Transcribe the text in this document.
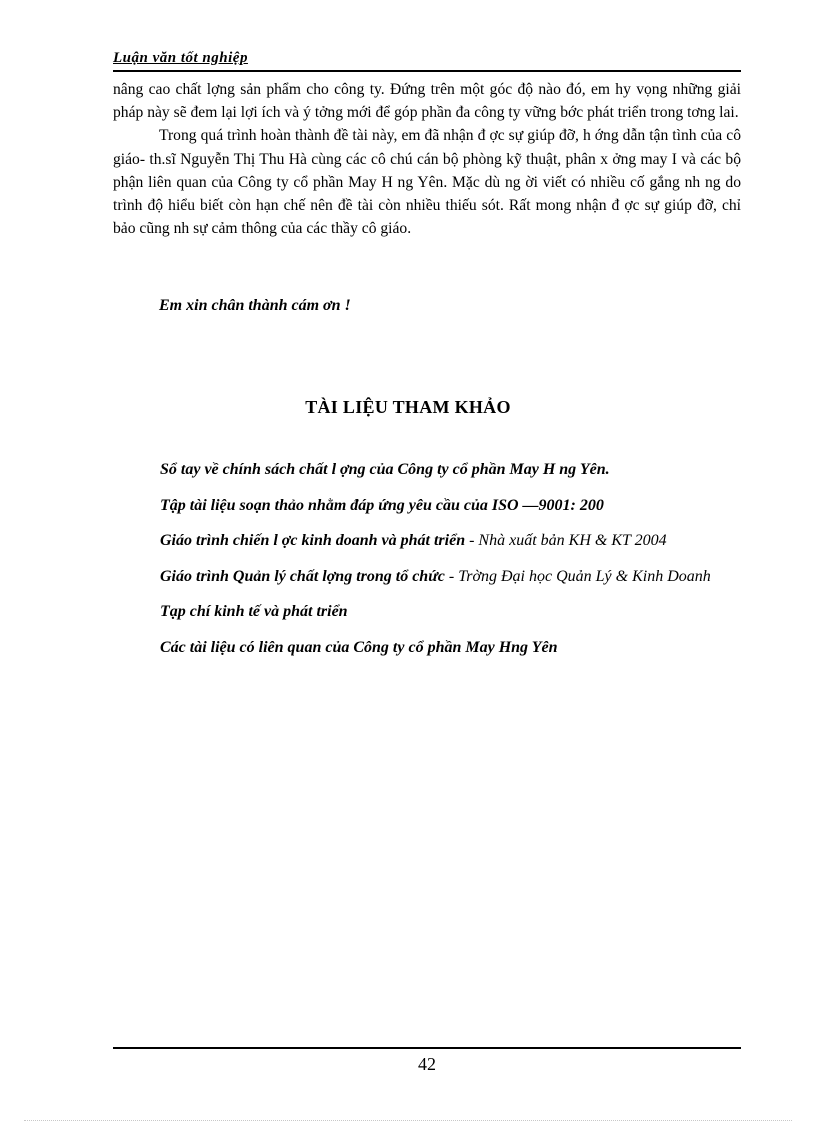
Luận văn tốt nghiệp

nâng cao chất lợng sản phẩm cho công ty. Đứng trên một góc độ nào đó, em hy vọng những giải pháp này sẽ đem lại lợi ích và ý tởng mới để góp phần đa công ty vững bớc phát triển trong tơng lai.

Trong quá trình hoàn thành đề tài này, em đã nhận đ ợc sự giúp đỡ, h ớng dẫn tận tình của cô giáo- th.sĩ Nguyễn Thị Thu Hà cùng các cô chú cán bộ phòng kỹ thuật, phân x ởng may I và các bộ phận liên quan của Công ty cổ phần May H ng Yên. Mặc dù ng ời viết có nhiều cố gắng nh ng do trình độ hiểu biết còn hạn chế nên đề tài còn nhiều thiếu sót. Rất mong nhận đ ợc sự giúp đỡ, chỉ bảo cũng nh sự cảm thông của các thầy cô giáo.

Em xin chân thành cám ơn !
TÀI LIỆU THAM KHẢO
Sổ tay về chính sách chất l ợng của Công ty cổ phần May H ng Yên.
Tập tài liệu soạn thảo nhằm đáp ứng yêu cầu của ISO —9001: 200
Giáo trình chiến l ợc kinh doanh và phát triển - Nhà xuất bản KH & KT 2004
Giáo trình Quản lý chất lợng trong tổ chức - Trờng Đại học Quản Lý & Kinh Doanh
Tạp chí kinh tế và phát triển
Các tài liệu có liên quan của Công ty cổ phần May Hng Yên
42
